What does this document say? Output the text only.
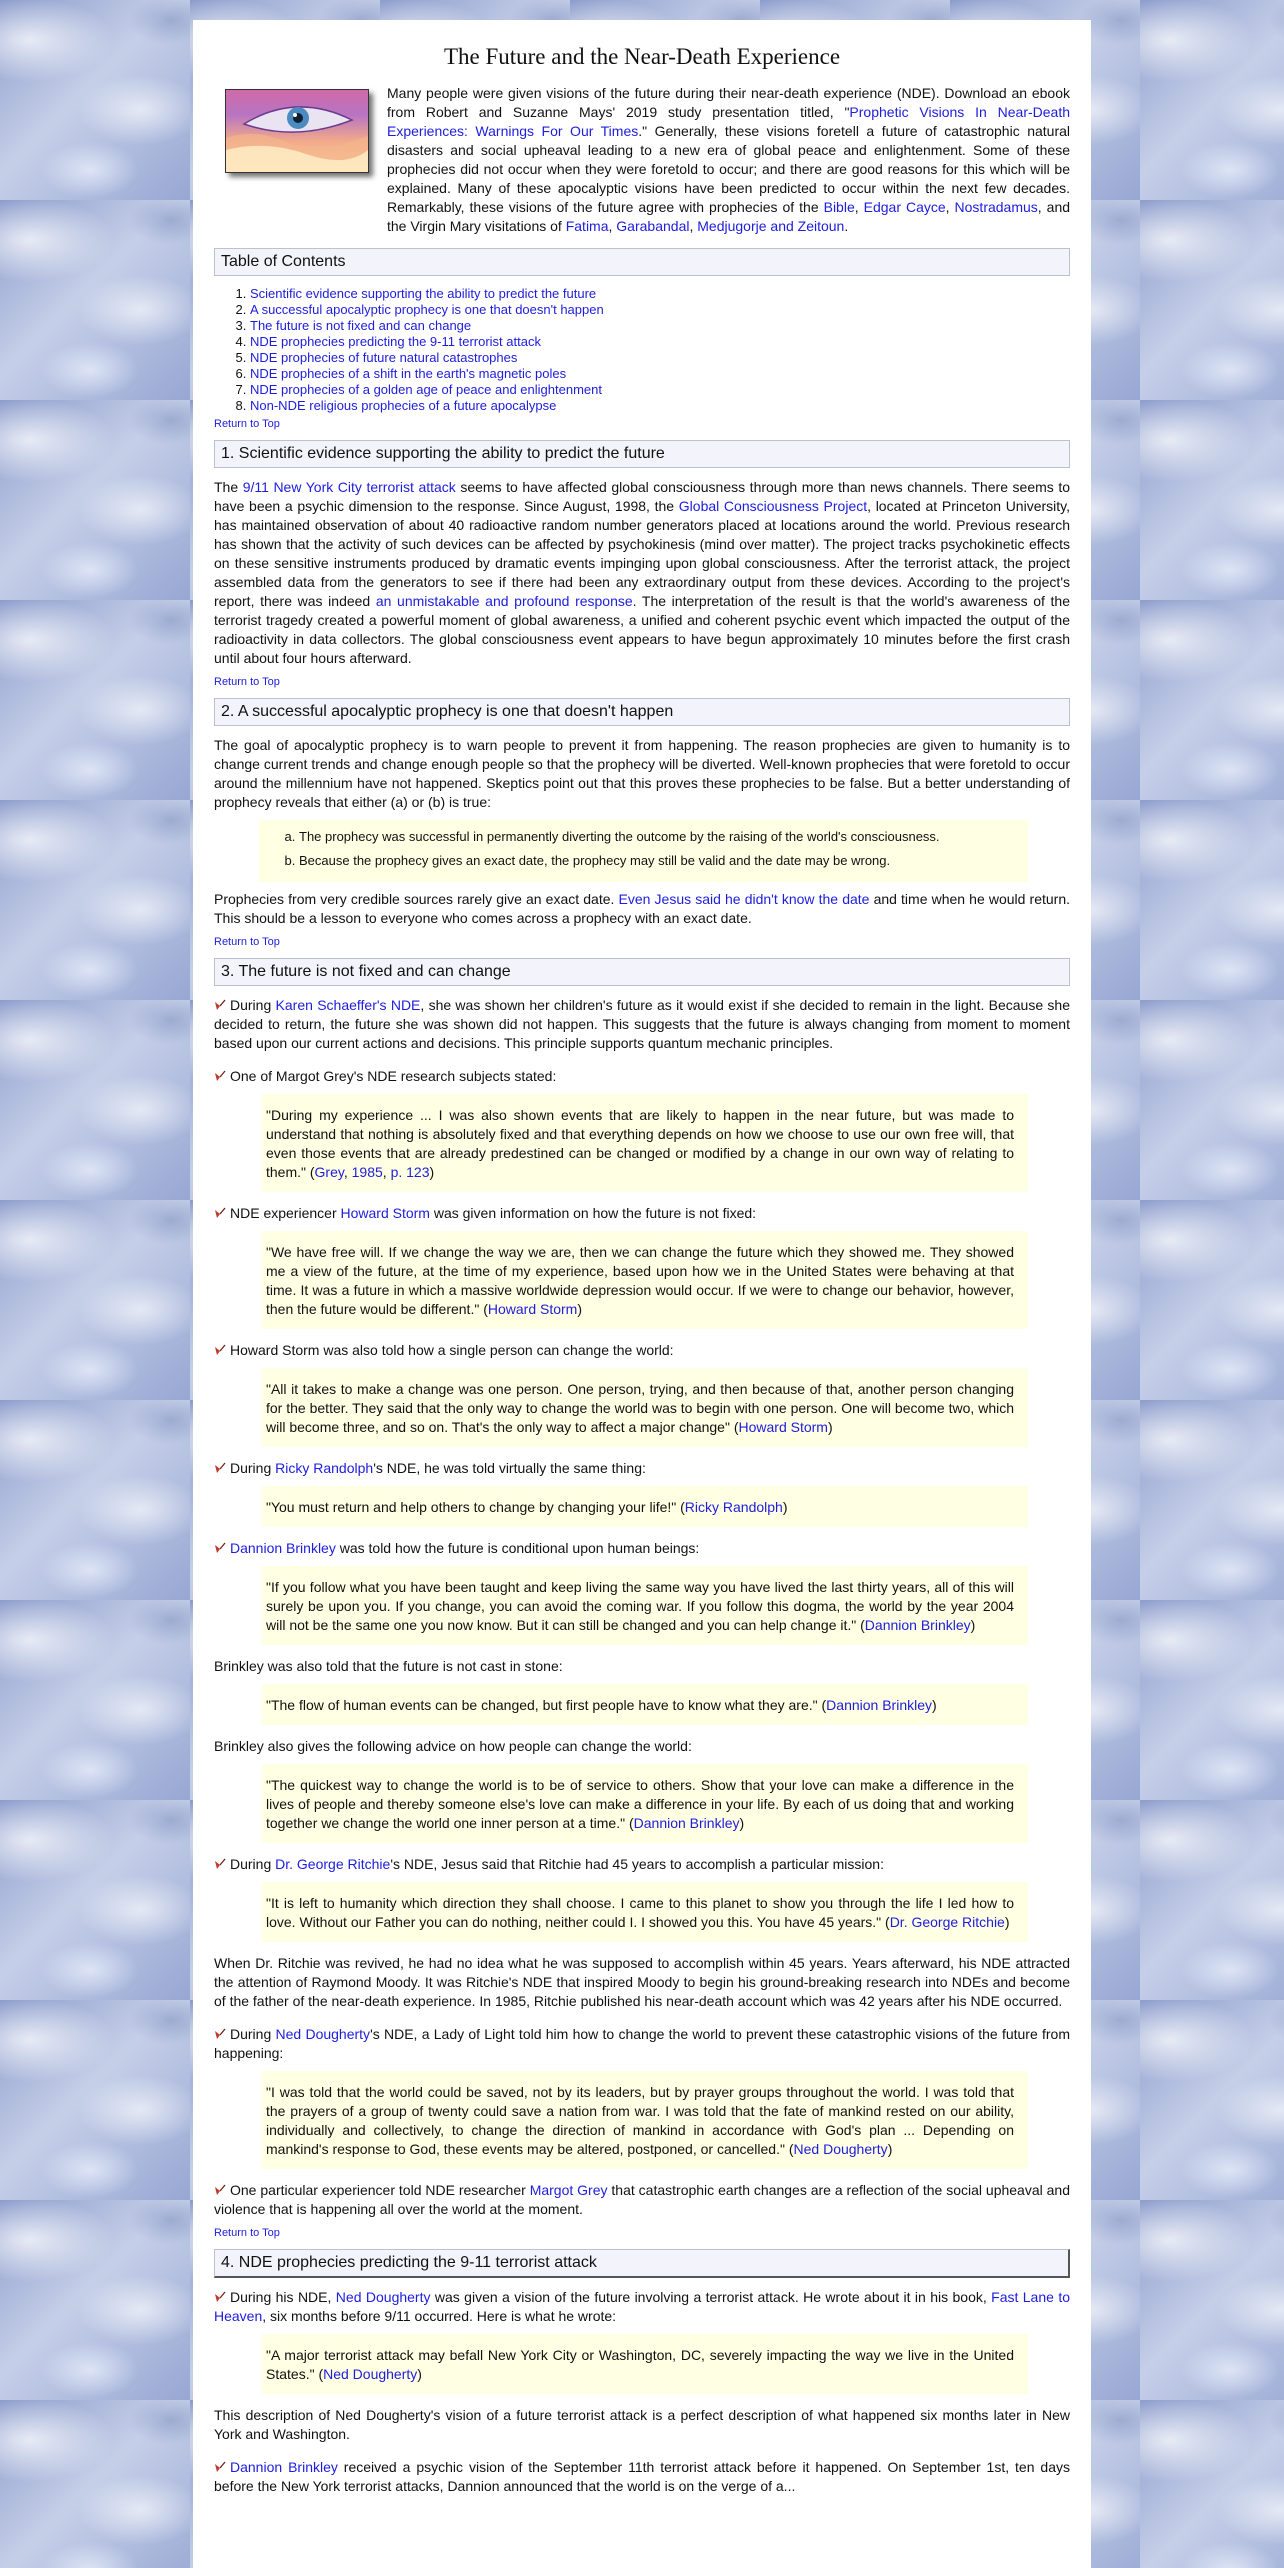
The Future and the Near-Death Experience

Many people were given visions of the future during their near-death experience (NDE). Download an ebook from Robert and Suzanne Mays' 2019 study presentation titled, "Prophetic Visions In Near-Death Experiences: Warnings For Our Times." Generally, these visions foretell a future of catastrophic natural disasters and social upheaval leading to a new era of global peace and enlightenment. Some of these prophecies did not occur when they were foretold to occur; and there are good reasons for this which will be explained. Many of these apocalyptic visions have been predicted to occur within the next few decades. Remarkably, these visions of the future agree with prophecies of the Bible, Edgar Cayce, Nostradamus, and the Virgin Mary visitations of Fatima, Garabandal, Medjugorje and Zeitoun.

Table of Contents
1. Scientific evidence supporting the ability to predict the future
2. A successful apocalyptic prophecy is one that doesn't happen
3. The future is not fixed and can change
4. NDE prophecies predicting the 9-11 terrorist attack
5. NDE prophecies of future natural catastrophes
6. NDE prophecies of a shift in the earth's magnetic poles
7. NDE prophecies of a golden age of peace and enlightenment
8. Non-NDE religious prophecies of a future apocalypse
Return to Top
1. Scientific evidence supporting the ability to predict the future

The 9/11 New York City terrorist attack seems to have affected global consciousness through more than news channels. There seems to have been a psychic dimension to the response. Since August, 1998, the Global Consciousness Project, located at Princeton University, has maintained observation of about 40 radioactive random number generators placed at locations around the world. Previous research has shown that the activity of such devices can be affected by psychokinesis (mind over matter). The project tracks psychokinetic effects on these sensitive instruments produced by dramatic events impinging upon global consciousness. After the terrorist attack, the project assembled data from the generators to see if there had been any extraordinary output from these devices. According to the project's report, there was indeed an unmistakable and profound response. The interpretation of the result is that the world's awareness of the terrorist tragedy created a powerful moment of global awareness, a unified and coherent psychic event which impacted the output of the radioactivity in data collectors. The global consciousness event appears to have begun approximately 10 minutes before the first crash until about four hours afterward.

Return to Top
2. A successful apocalyptic prophecy is one that doesn't happen

The goal of apocalyptic prophecy is to warn people to prevent it from happening. The reason prophecies are given to humanity is to change current trends and change enough people so that the prophecy will be diverted. Well-known prophecies that were foretold to occur around the millennium have not happened. Skeptics point out that this proves these prophecies to be false. But a better understanding of prophecy reveals that either (a) or (b) is true:

a. The prophecy was successful in permanently diverting the outcome by the raising of the world's consciousness.
b. Because the prophecy gives an exact date, the prophecy may still be valid and the date may be wrong.

Prophecies from very credible sources rarely give an exact date. Even Jesus said he didn't know the date and time when he would return. This should be a lesson to everyone who comes across a prophecy with an exact date.

Return to Top
3. The future is not fixed and can change

During Karen Schaeffer's NDE, she was shown her children's future as it would exist if she decided to remain in the light. Because she decided to return, the future she was shown did not happen. This suggests that the future is always changing from moment to moment based upon our current actions and decisions. This principle supports quantum mechanic principles.

One of Margot Grey's NDE research subjects stated:

"During my experience ... I was also shown events that are likely to happen in the near future, but was made to understand that nothing is absolutely fixed and that everything depends on how we choose to use our own free will, that even those events that are already predestined can be changed or modified by a change in our own way of relating to them." (Grey, 1985, p. 123)

NDE experiencer Howard Storm was given information on how the future is not fixed:

"We have free will. If we change the way we are, then we can change the future which they showed me. They showed me a view of the future, at the time of my experience, based upon how we in the United States were behaving at that time. It was a future in which a massive worldwide depression would occur. If we were to change our behavior, however, then the future would be different." (Howard Storm)

Howard Storm was also told how a single person can change the world:

"All it takes to make a change was one person. One person, trying, and then because of that, another person changing for the better. They said that the only way to change the world was to begin with one person. One will become two, which will become three, and so on. That's the only way to affect a major change" (Howard Storm)

During Ricky Randolph's NDE, he was told virtually the same thing:

"You must return and help others to change by changing your life!" (Ricky Randolph)

Dannion Brinkley was told how the future is conditional upon human beings:

"If you follow what you have been taught and keep living the same way you have lived the last thirty years, all of this will surely be upon you. If you change, you can avoid the coming war. If you follow this dogma, the world by the year 2004 will not be the same one you now know. But it can still be changed and you can help change it." (Dannion Brinkley)

Brinkley was also told that the future is not cast in stone:

"The flow of human events can be changed, but first people have to know what they are." (Dannion Brinkley)

Brinkley also gives the following advice on how people can change the world:

"The quickest way to change the world is to be of service to others. Show that your love can make a difference in the lives of people and thereby someone else's love can make a difference in your life. By each of us doing that and working together we change the world one inner person at a time." (Dannion Brinkley)

During Dr. George Ritchie's NDE, Jesus said that Ritchie had 45 years to accomplish a particular mission:

"It is left to humanity which direction they shall choose. I came to this planet to show you through the life I led how to love. Without our Father you can do nothing, neither could I. I showed you this. You have 45 years." (Dr. George Ritchie)

When Dr. Ritchie was revived, he had no idea what he was supposed to accomplish within 45 years. Years afterward, his NDE attracted the attention of Raymond Moody. It was Ritchie's NDE that inspired Moody to begin his ground-breaking research into NDEs and become of the father of the near-death experience. In 1985, Ritchie published his near-death account which was 42 years after his NDE occurred.

During Ned Dougherty's NDE, a Lady of Light told him how to change the world to prevent these catastrophic visions of the future from happening:

"I was told that the world could be saved, not by its leaders, but by prayer groups throughout the world. I was told that the prayers of a group of twenty could save a nation from war. I was told that the fate of mankind rested on our ability, individually and collectively, to change the direction of mankind in accordance with God's plan ... Depending on mankind's response to God, these events may be altered, postponed, or cancelled." (Ned Dougherty)

One particular experiencer told NDE researcher Margot Grey that catastrophic earth changes are a reflection of the social upheaval and violence that is happening all over the world at the moment.

Return to Top
4. NDE prophecies predicting the 9-11 terrorist attack

During his NDE, Ned Dougherty was given a vision of the future involving a terrorist attack. He wrote about it in his book, Fast Lane to Heaven, six months before 9/11 occurred. Here is what he wrote:

"A major terrorist attack may befall New York City or Washington, DC, severely impacting the way we live in the United States." (Ned Dougherty)

This description of Ned Dougherty's vision of a future terrorist attack is a perfect description of what happened six months later in New York and Washington.

Dannion Brinkley received a psychic vision of the September 11th terrorist attack before it happened. On September 1st, ten days before the New York terrorist attacks, Dannion announced that the world is on the verge of a...
